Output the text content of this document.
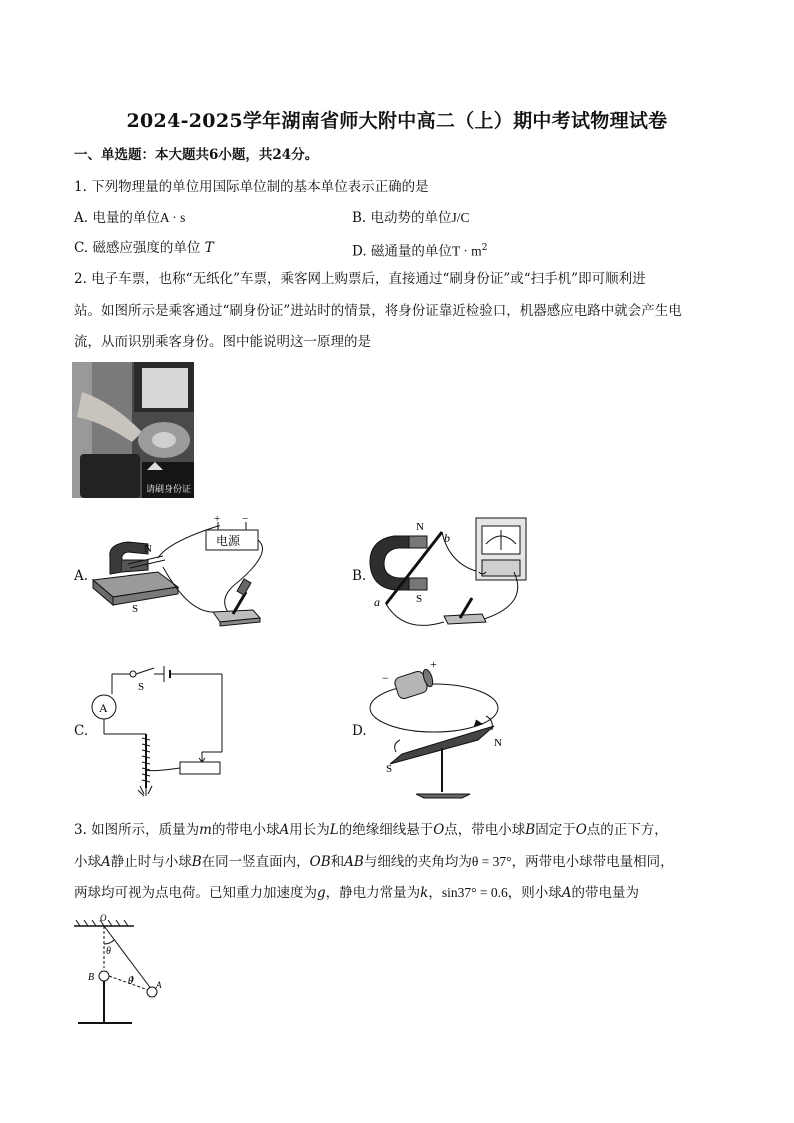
2024-2025学年湖南省师大附中高二（上）期中考试物理试卷
一、单选题：本大题共6小题，共24分。
1. 下列物理量的单位用国际单位制的基本单位表示正确的是
A. 电量的单位A · s	B. 电动势的单位J/C
C. 磁感应强度的单位 T	D. 磁通量的单位$T \cdot m^2$
2. 电子车票，也称“无纸化”车票，乘客网上购票后，直接通过“刷身份证”或“扫手机”即可顺利进
站。如图所示是乘客通过“刷身份证”进站时的情景，将身份证靠近检验口，机器感应电路中就会产生电
流，从而识别乘客身份。图中能说明这一原理的是
请刷身份证
A.
+ −
电源
N
S
B.
N
S
a
b
C.
A
S
D.
+
−
N
S
3. 如图所示，质量为m的带电小球A用长为L的绝缘细线悬于O点，带电小球B固定于O点的正下方，
小球A静止时与小球B在同一竖直面内，OB和AB与细线的夹角均为θ = 37°，两带电小球带电量相同，
两球均可视为点电荷。已知重力加速度为g，静电力常量为k，sin37° = 0.6，则小球A的带电量为
O
θ
θ
B
A
